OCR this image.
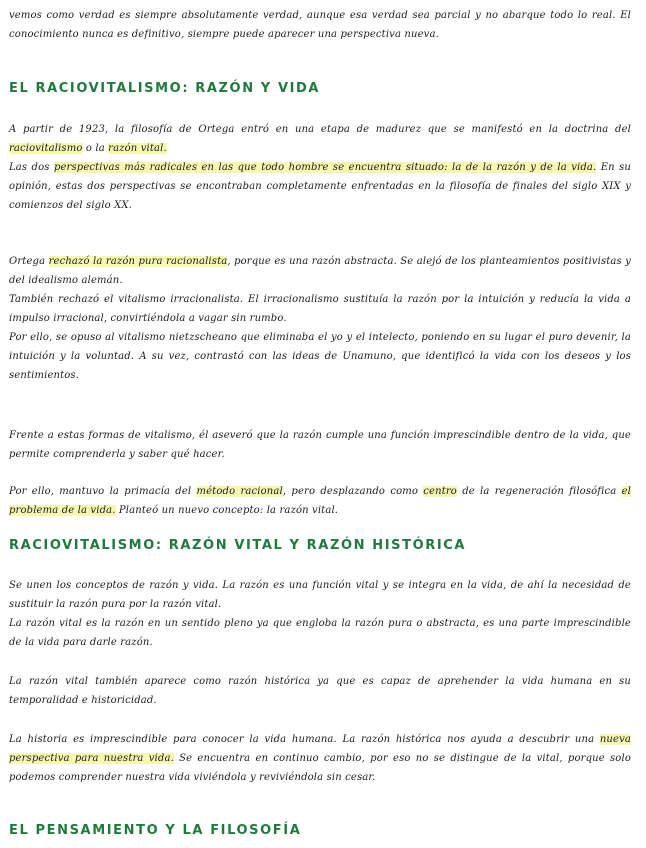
vemos como verdad es siempre absolutamente verdad, aunque esa verdad sea parcial y no abarque todo lo real. El conocimiento nunca es definitivo, siempre puede aparecer una perspectiva nueva.

EL RACIOVITALISMO: RAZÓN Y VIDA

A partir de 1923, la filosofía de Ortega entró en una etapa de madurez que se manifestó en la doctrina del raciovitalismo o la razón vital.
Las dos perspectivas más radicales en las que todo hombre se encuentra situado: la de la razón y de la vida. En su opinión, estas dos perspectivas se encontraban completamente enfrentadas en la filosofía de finales del siglo XIX y comienzos del siglo XX.

Ortega rechazó la razón pura racionalista, porque es una razón abstracta. Se alejó de los planteamientos positivistas y del idealismo alemán.
También rechazó el vitalismo irracionalista. El irracionalismo sustituía la razón por la intuición y reducía la vida a impulso irracional, convirtiéndola a vagar sin rumbo.
Por ello, se opuso al vitalismo nietzscheano que eliminaba el yo y el intelecto, poniendo en su lugar el puro devenir, la intuición y la voluntad. A su vez, contrastó con las ideas de Unamuno, que identificó la vida con los deseos y los sentimientos.

Frente a estas formas de vitalismo, él aseveró que la razón cumple una función imprescindible dentro de la vida, que permite comprenderla y saber qué hacer.

Por ello, mantuvo la primacía del método racional, pero desplazando como centro de la regeneración filosófica el problema de la vida. Planteó un nuevo concepto: la razón vital.

RACIOVITALISMO: RAZÓN VITAL Y RAZÓN HISTÓRICA

Se unen los conceptos de razón y vida. La razón es una función vital y se integra en la vida, de ahí la necesidad de sustituir la razón pura por la razón vital.
La razón vital es la razón en un sentido pleno ya que engloba la razón pura o abstracta, es una parte imprescindible de la vida para darle razón.

La razón vital también aparece como razón histórica ya que es capaz de aprehender la vida humana en su temporalidad e historicidad.

La historia es imprescindible para conocer la vida humana. La razón histórica nos ayuda a descubrir una nueva perspectiva para nuestra vida. Se encuentra en continuo cambio, por eso no se distingue de la vital, porque solo podemos comprender nuestra vida viviéndola y reviviéndola sin cesar.

EL PENSAMIENTO Y LA FILOSOFÍA
